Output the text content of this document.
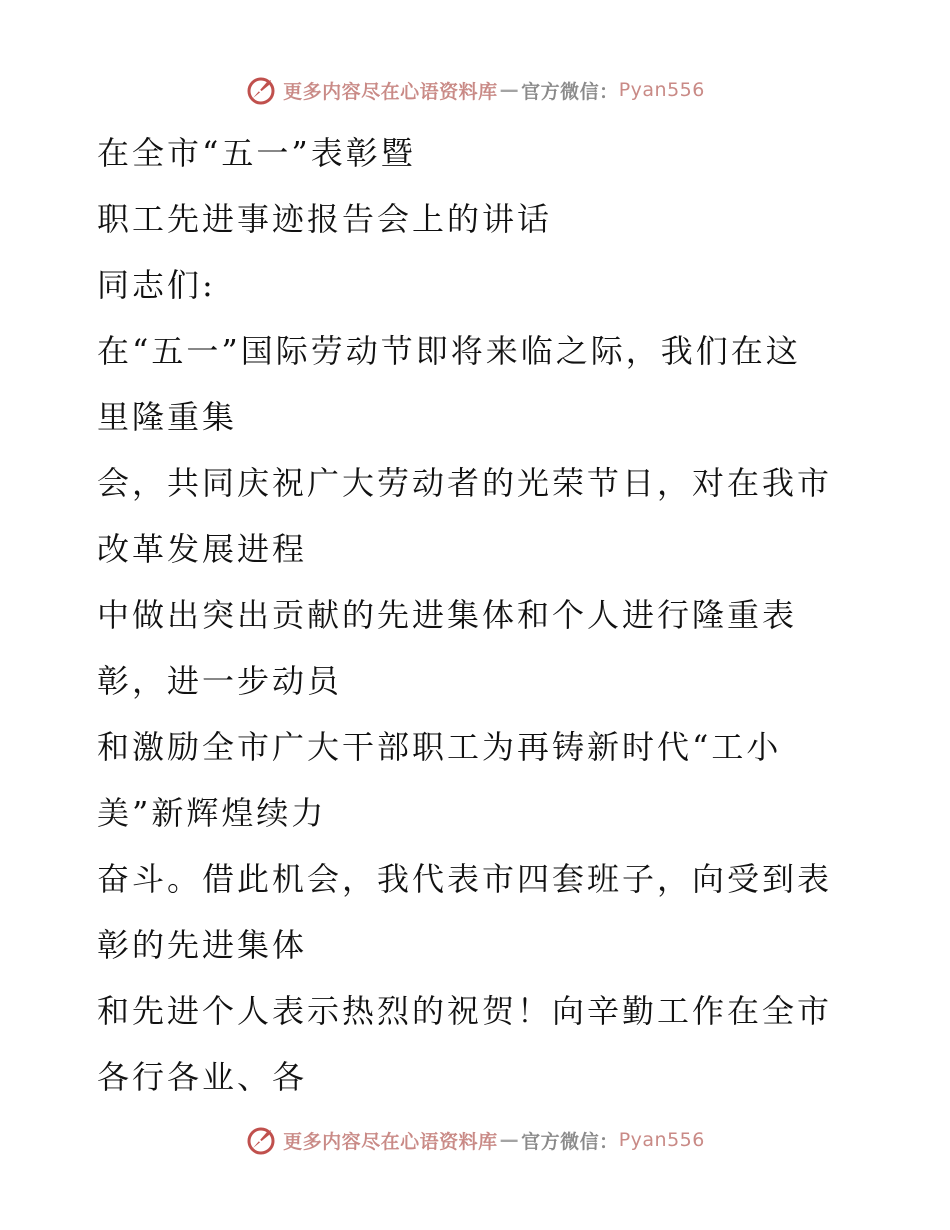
更多内容尽在心语资料库 — 官方微信： Pyan556

在全市“五一”表彰暨

职工先进事迹报告会上的讲话

同志们:

在“五一”国际劳动节即将来临之际，我们在这

里隆重集

会，共同庆祝广大劳动者的光荣节日，对在我市

改革发展进程

中做出突出贡献的先进集体和个人进行隆重表

彰，进一步动员

和激励全市广大干部职工为再铸新时代“工小

美”新辉煌续力

奋斗。借此机会，我代表市四套班子，向受到表

彰的先进集体

和先进个人表示热烈的祝贺！向辛勤工作在全市

各行各业、各

更多内容尽在心语资料库 — 官方微信： Pyan556
